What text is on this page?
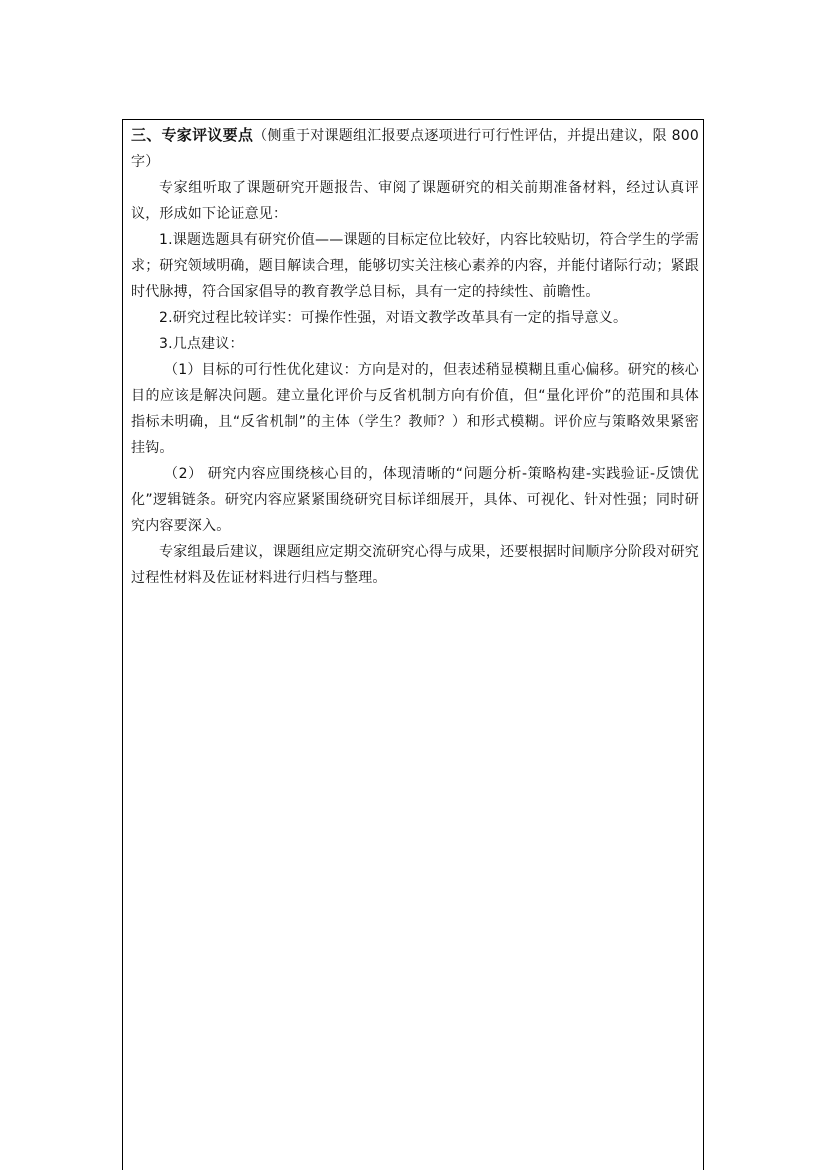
三、专家评议要点（侧重于对课题组汇报要点逐项进行可行性评估，并提出建议，限 800字）

专家组听取了课题研究开题报告、审阅了课题研究的相关前期准备材料，经过认真评议，形成如下论证意见：

1.课题选题具有研究价值——课题的目标定位比较好，内容比较贴切，符合学生的学需求；研究领域明确，题目解读合理，能够切实关注核心素养的内容，并能付诸际行动；紧跟时代脉搏，符合国家倡导的教育教学总目标，具有一定的持续性、前瞻性。

2.研究过程比较详实：可操作性强，对语文教学改革具有一定的指导意义。

3.几点建议：

（1）目标的可行性优化建议：方向是对的，但表述稍显模糊且重心偏移。研究的核心目的应该是解决问题。建立量化评价与反省机制方向有价值，但“量化评价”的范围和具体指标未明确，且“反省机制”的主体（学生？教师？）和形式模糊。评价应与策略效果紧密挂钩。

（2） 研究内容应围绕核心目的，体现清晰的“问题分析-策略构建-实践验证-反馈优化”逻辑链条。研究内容应紧紧围绕研究目标详细展开，具体、可视化、针对性强；同时研究内容要深入。

专家组最后建议，课题组应定期交流研究心得与成果，还要根据时间顺序分阶段对研究过程性材料及佐证材料进行归档与整理。
